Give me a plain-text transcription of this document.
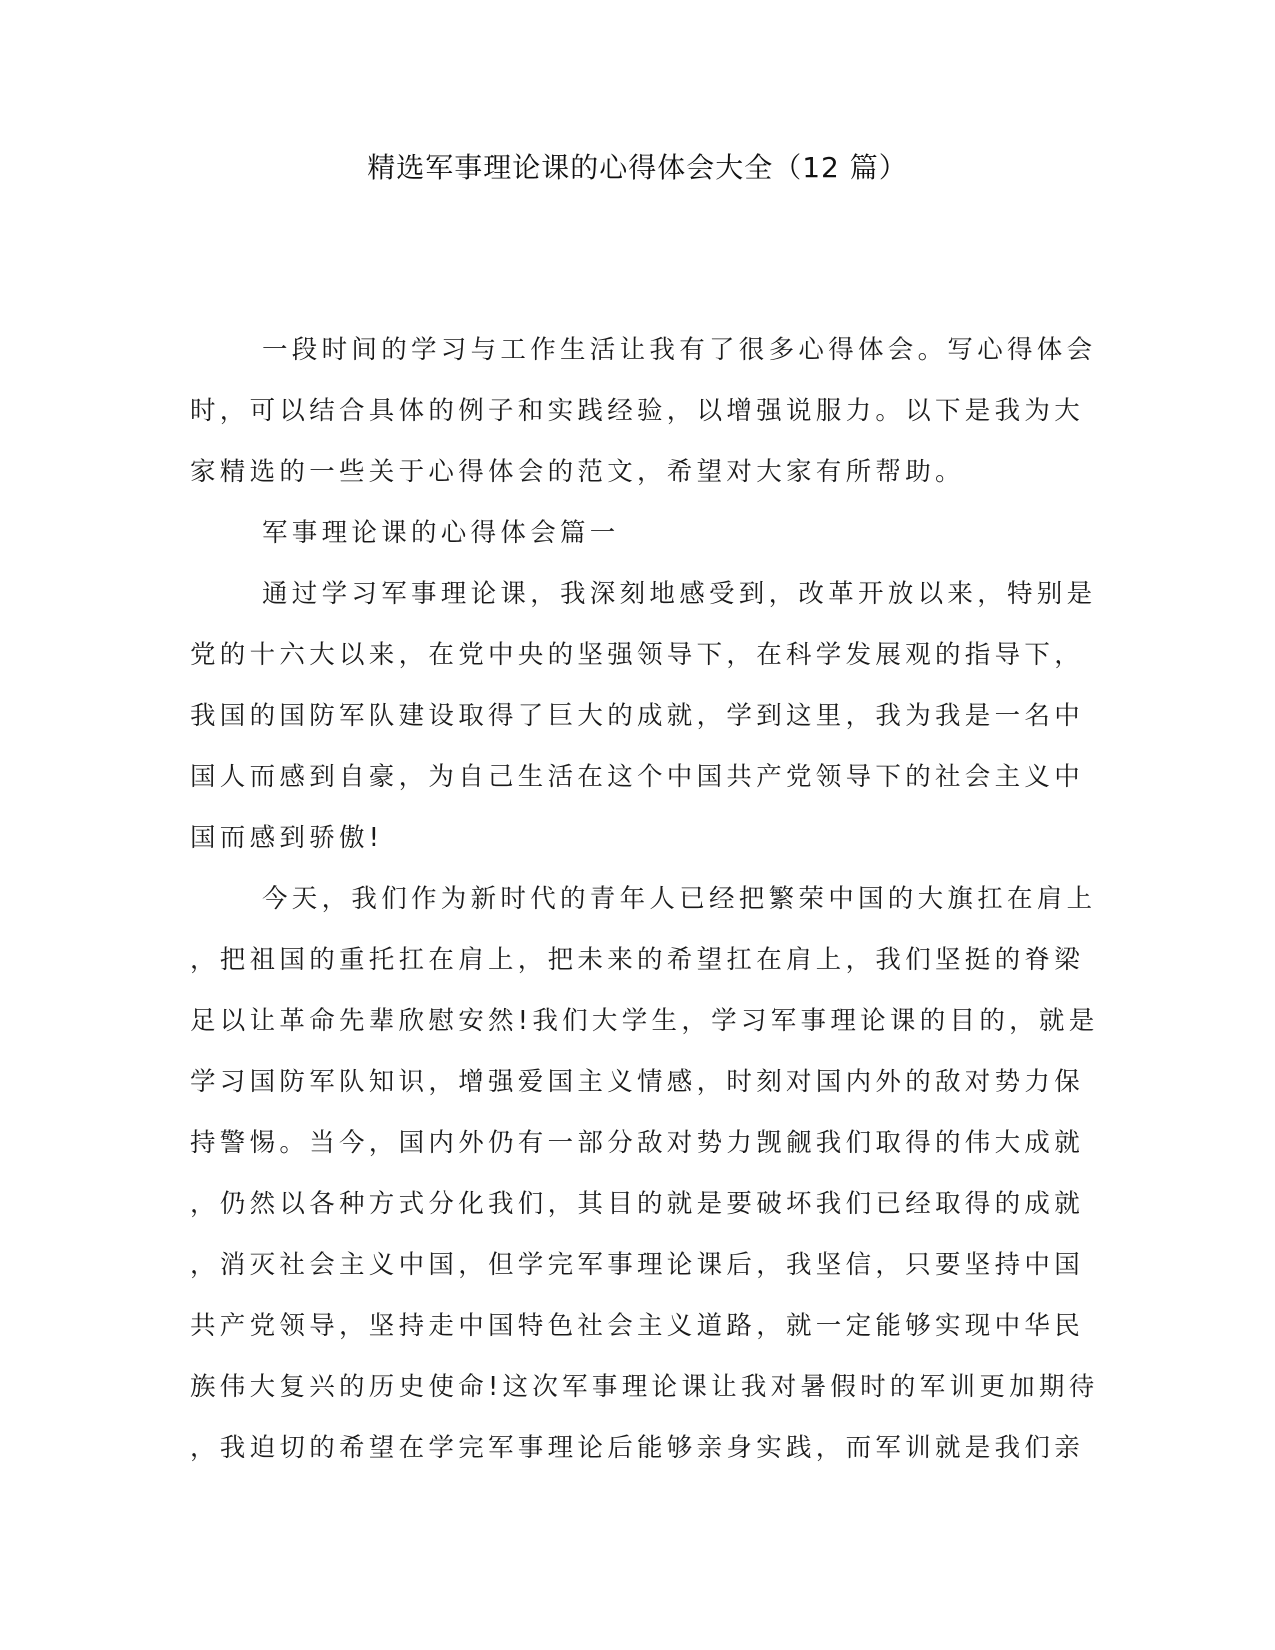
精选军事理论课的心得体会大全（12 篇）

一段时间的学习与工作生活让我有了很多心得体会。写心得体会
时，可以结合具体的例子和实践经验，以增强说服力。以下是我为大
家精选的一些关于心得体会的范文，希望对大家有所帮助。

军事理论课的心得体会篇一

通过学习军事理论课，我深刻地感受到，改革开放以来，特别是
党的十六大以来，在党中央的坚强领导下，在科学发展观的指导下，
我国的国防军队建设取得了巨大的成就，学到这里，我为我是一名中
国人而感到自豪，为自己生活在这个中国共产党领导下的社会主义中
国而感到骄傲!

今天，我们作为新时代的青年人已经把繁荣中国的大旗扛在肩上
，把祖国的重托扛在肩上，把未来的希望扛在肩上，我们坚挺的脊梁
足以让革命先辈欣慰安然!我们大学生，学习军事理论课的目的，就是
学习国防军队知识，增强爱国主义情感，时刻对国内外的敌对势力保
持警惕。当今，国内外仍有一部分敌对势力觊觎我们取得的伟大成就
，仍然以各种方式分化我们，其目的就是要破坏我们已经取得的成就
，消灭社会主义中国，但学完军事理论课后，我坚信，只要坚持中国
共产党领导，坚持走中国特色社会主义道路，就一定能够实现中华民
族伟大复兴的历史使命!这次军事理论课让我对暑假时的军训更加期待
，我迫切的希望在学完军事理论后能够亲身实践，而军训就是我们亲
